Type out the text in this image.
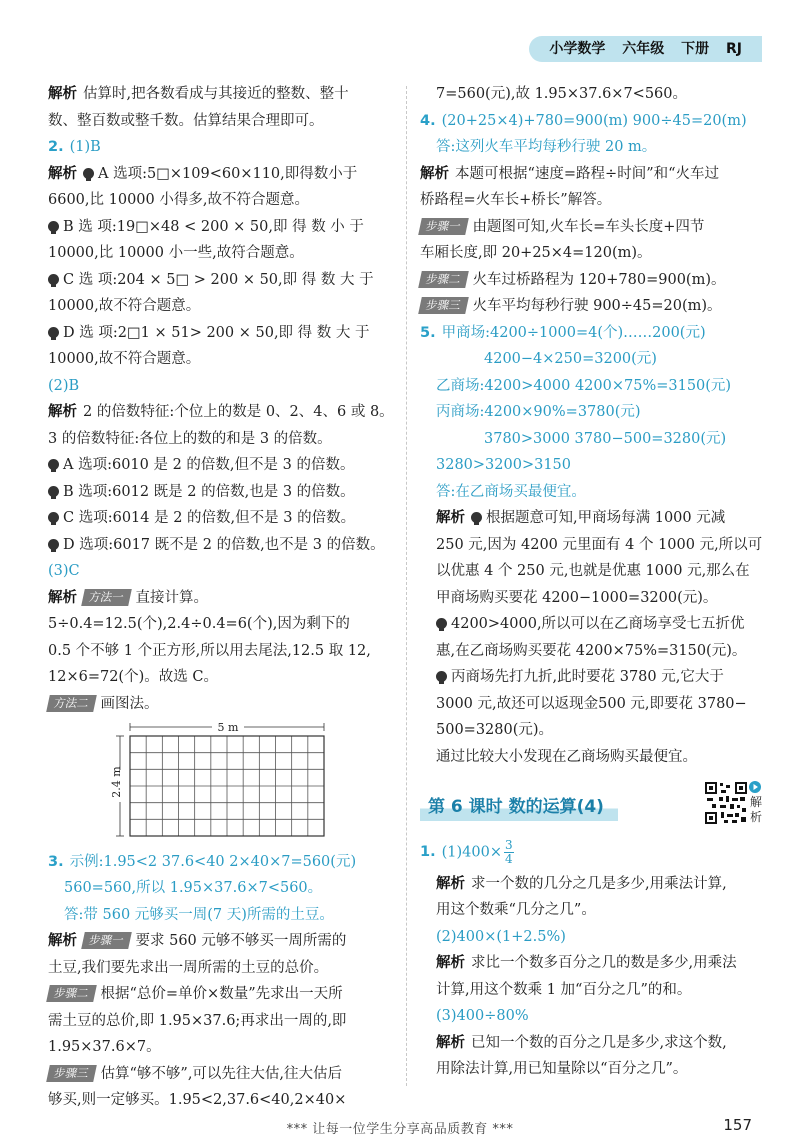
小学数学 六年级 下册 RJ
解析 估算时,把各数看成与其接近的整数、整十
数、整百数或整千数。估算结果合理即可。
2. (1)B
解析 A 选项:5□×109<60×110,即得数小于
6600,比 10000 小得多,故不符合题意。
B 选 项:19□×48 < 200 × 50,即 得 数 小 于
10000,比 10000 小一些,故符合题意。
C 选 项:204 × 5□ > 200 × 50,即 得 数 大 于
10000,故不符合题意。
D 选 项:2□1 × 51> 200 × 50,即 得 数 大 于
10000,故不符合题意。
(2)B
解析 2 的倍数特征:个位上的数是 0、2、4、6 或 8。
3 的倍数特征:各位上的数的和是 3 的倍数。
A 选项:6010 是 2 的倍数,但不是 3 的倍数。
B 选项:6012 既是 2 的倍数,也是 3 的倍数。
C 选项:6014 是 2 的倍数,但不是 3 的倍数。
D 选项:6017 既不是 2 的倍数,也不是 3 的倍数。
(3)C
解析 方法一 直接计算。
5÷0.4=12.5(个),2.4÷0.4=6(个),因为剩下的
0.5 个不够 1 个正方形,所以用去尾法,12.5 取 12,
12×6=72(个)。故选 C。
方法二 画图法。
5 m
2.4 m
3. 示例:1.95<2 37.6<40 2×40×7=560(元)
560=560,所以 1.95×37.6×7<560。
答:带 560 元够买一周(7 天)所需的土豆。
解析 步骤一 要求 560 元够不够买一周所需的
土豆,我们要先求出一周所需的土豆的总价。
步骤二 根据“总价=单价×数量”先求出一天所
需土豆的总价,即 1.95×37.6;再求出一周的,即
1.95×37.6×7。
步骤三 估算“够不够”,可以先往大估,往大估后
够买,则一定够买。1.95<2,37.6<40,2×40×
7=560(元),故 1.95×37.6×7<560。
4. (20+25×4)+780=900(m) 900÷45=20(m)
答:这列火车平均每秒行驶 20 m。
解析 本题可根据“速度=路程÷时间”和“火车过
桥路程=火车长+桥长”解答。
步骤一 由题图可知,火车长=车头长度+四节
车厢长度,即 20+25×4=120(m)。
步骤二 火车过桥路程为 120+780=900(m)。
步骤三 火车平均每秒行驶 900÷45=20(m)。
5. 甲商场:4200÷1000=4(个)……200(元)
4200−4×250=3200(元)
乙商场:4200>4000 4200×75%=3150(元)
丙商场:4200×90%=3780(元)
3780>3000 3780−500=3280(元)
3280>3200>3150
答:在乙商场买最便宜。
解析 根据题意可知,甲商场每满 1000 元减
250 元,因为 4200 元里面有 4 个 1000 元,所以可
以优惠 4 个 250 元,也就是优惠 1000 元,那么在
甲商场购买要花 4200−1000=3200(元)。
4200>4000,所以可以在乙商场享受七五折优
惠,在乙商场购买要花 4200×75%=3150(元)。
丙商场先打九折,此时要花 3780 元,它大于
3000 元,故还可以返现金500 元,即要花 3780−
500=3280(元)。
通过比较大小发现在乙商场购买最便宜。
第 6 课时 数的运算(4)	解析
1. $(1)400\times \frac{3}{4}$
解析 求一个数的几分之几是多少,用乘法计算,
用这个数乘“几分之几”。
(2)400×(1+2.5%)
解析 求比一个数多百分之几的数是多少,用乘法
计算,用这个数乘 1 加“百分之几”的和。
(3)400÷80%
解析 已知一个数的百分之几是多少,求这个数,
用除法计算,用已知量除以“百分之几”。
*** 让每一位学生分享高品质教育 ***	157
